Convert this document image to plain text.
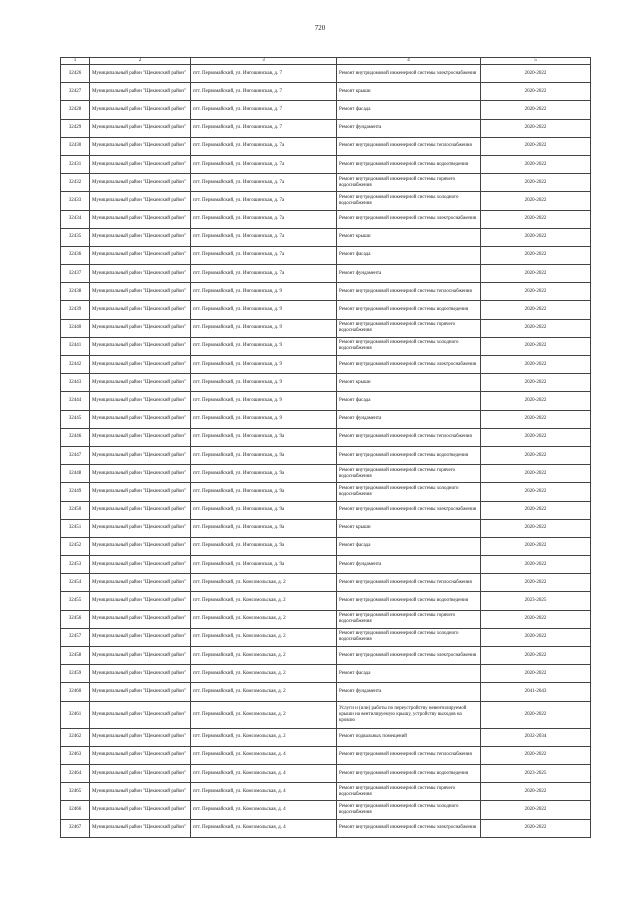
720
1	2	3	4	5
32426	Муниципальный район "Щекинский район"	пгт. Первомайский, ул. Ингошинская, д. 7	Ремонт внутридомовой инженерной системы электроснабжения	2020-2022
32427	Муниципальный район "Щекинский район"	пгт. Первомайский, ул. Ингошинская, д. 7	Ремонт крыши	2020-2022
32428	Муниципальный район "Щекинский район"	пгт. Первомайский, ул. Ингошинская, д. 7	Ремонт фасада	2020-2022
32429	Муниципальный район "Щекинский район"	пгт. Первомайский, ул. Ингошинская, д. 7	Ремонт фундамента	2020-2022
32430	Муниципальный район "Щекинский район"	пгт. Первомайский, ул. Ингошинская, д. 7а	Ремонт внутридомовой инженерной системы теплоснабжения	2020-2022
32431	Муниципальный район "Щекинский район"	пгт. Первомайский, ул. Ингошинская, д. 7а	Ремонт внутридомовой инженерной системы водоотведения	2020-2022
32432	Муниципальный район "Щекинский район"	пгт. Первомайский, ул. Ингошинская, д. 7а	Ремонт внутридомовой инженерной системы горячего водоснабжения	2020-2022
32433	Муниципальный район "Щекинский район"	пгт. Первомайский, ул. Ингошинская, д. 7а	Ремонт внутридомовой инженерной системы холодного водоснабжения	2020-2022
32434	Муниципальный район "Щекинский район"	пгт. Первомайский, ул. Ингошинская, д. 7а	Ремонт внутридомовой инженерной системы электроснабжения	2020-2022
32435	Муниципальный район "Щекинский район"	пгт. Первомайский, ул. Ингошинская, д. 7а	Ремонт крыши	2020-2022
32436	Муниципальный район "Щекинский район"	пгт. Первомайский, ул. Ингошинская, д. 7а	Ремонт фасада	2020-2022
32437	Муниципальный район "Щекинский район"	пгт. Первомайский, ул. Ингошинская, д. 7а	Ремонт фундамента	2020-2022
32438	Муниципальный район "Щекинский район"	пгт. Первомайский, ул. Ингошинская, д. 9	Ремонт внутридомовой инженерной системы теплоснабжения	2020-2022
32439	Муниципальный район "Щекинский район"	пгт. Первомайский, ул. Ингошинская, д. 9	Ремонт внутридомовой инженерной системы водоотведения	2020-2022
32440	Муниципальный район "Щекинский район"	пгт. Первомайский, ул. Ингошинская, д. 9	Ремонт внутридомовой инженерной системы горячего водоснабжения	2020-2022
32441	Муниципальный район "Щекинский район"	пгт. Первомайский, ул. Ингошинская, д. 9	Ремонт внутридомовой инженерной системы холодного водоснабжения	2020-2022
32442	Муниципальный район "Щекинский район"	пгт. Первомайский, ул. Ингошинская, д. 9	Ремонт внутридомовой инженерной системы электроснабжения	2020-2022
32443	Муниципальный район "Щекинский район"	пгт. Первомайский, ул. Ингошинская, д. 9	Ремонт крыши	2020-2022
32444	Муниципальный район "Щекинский район"	пгт. Первомайский, ул. Ингошинская, д. 9	Ремонт фасада	2020-2022
32445	Муниципальный район "Щекинский район"	пгт. Первомайский, ул. Ингошинская, д. 9	Ремонт фундамента	2020-2022
32446	Муниципальный район "Щекинский район"	пгт. Первомайский, ул. Ингошинская, д. 9а	Ремонт внутридомовой инженерной системы теплоснабжения	2020-2022
32447	Муниципальный район "Щекинский район"	пгт. Первомайский, ул. Ингошинская, д. 9а	Ремонт внутридомовой инженерной системы водоотведения	2020-2022
32448	Муниципальный район "Щекинский район"	пгт. Первомайский, ул. Ингошинская, д. 9а	Ремонт внутридомовой инженерной системы горячего водоснабжения	2020-2022
32449	Муниципальный район "Щекинский район"	пгт. Первомайский, ул. Ингошинская, д. 9а	Ремонт внутридомовой инженерной системы холодного водоснабжения	2020-2022
32450	Муниципальный район "Щекинский район"	пгт. Первомайский, ул. Ингошинская, д. 9а	Ремонт внутридомовой инженерной системы электроснабжения	2020-2022
32451	Муниципальный район "Щекинский район"	пгт. Первомайский, ул. Ингошинская, д. 9а	Ремонт крыши	2020-2022
32452	Муниципальный район "Щекинский район"	пгт. Первомайский, ул. Ингошинская, д. 9а	Ремонт фасада	2020-2022
32453	Муниципальный район "Щекинский район"	пгт. Первомайский, ул. Ингошинская, д. 9а	Ремонт фундамента	2020-2022
32454	Муниципальный район "Щекинский район"	пгт. Первомайский, ул. Комсомольская, д. 2	Ремонт внутридомовой инженерной системы теплоснабжения	2020-2022
32455	Муниципальный район "Щекинский район"	пгт. Первомайский, ул. Комсомольская, д. 2	Ремонт внутридомовой инженерной системы водоотведения	2023-2025
32456	Муниципальный район "Щекинский район"	пгт. Первомайский, ул. Комсомольская, д. 2	Ремонт внутридомовой инженерной системы горячего водоснабжения	2020-2022
32457	Муниципальный район "Щекинский район"	пгт. Первомайский, ул. Комсомольская, д. 2	Ремонт внутридомовой инженерной системы холодного водоснабжения	2020-2022
32458	Муниципальный район "Щекинский район"	пгт. Первомайский, ул. Комсомольская, д. 2	Ремонт внутридомовой инженерной системы электроснабжения	2020-2022
32459	Муниципальный район "Щекинский район"	пгт. Первомайский, ул. Комсомольская, д. 2	Ремонт фасада	2020-2022
32460	Муниципальный район "Щекинский район"	пгт. Первомайский, ул. Комсомольская, д. 2	Ремонт фундамента	2041-2043
32461	Муниципальный район "Щекинский район"	пгт. Первомайский, ул. Комсомольская, д. 2	Услуги и (или) работы по переустройству невентилируемой крыши на вентилируемую крышу, устройству выходов на кровлю	2020-2022
32462	Муниципальный район "Щекинский район"	пгт. Первомайский, ул. Комсомольская, д. 2	Ремонт подвальных помещений	2032-2034
32463	Муниципальный район "Щекинский район"	пгт. Первомайский, ул. Комсомольская, д. 4	Ремонт внутридомовой инженерной системы теплоснабжения	2020-2022
32464	Муниципальный район "Щекинский район"	пгт. Первомайский, ул. Комсомольская, д. 4	Ремонт внутридомовой инженерной системы водоотведения	2023-2025
32465	Муниципальный район "Щекинский район"	пгт. Первомайский, ул. Комсомольская, д. 4	Ремонт внутридомовой инженерной системы горячего водоснабжения	2020-2022
32466	Муниципальный район "Щекинский район"	пгт. Первомайский, ул. Комсомольская, д. 4	Ремонт внутридомовой инженерной системы холодного водоснабжения	2020-2022
32467	Муниципальный район "Щекинский район"	пгт. Первомайский, ул. Комсомольская, д. 4	Ремонт внутридомовой инженерной системы электроснабжения	2020-2022
